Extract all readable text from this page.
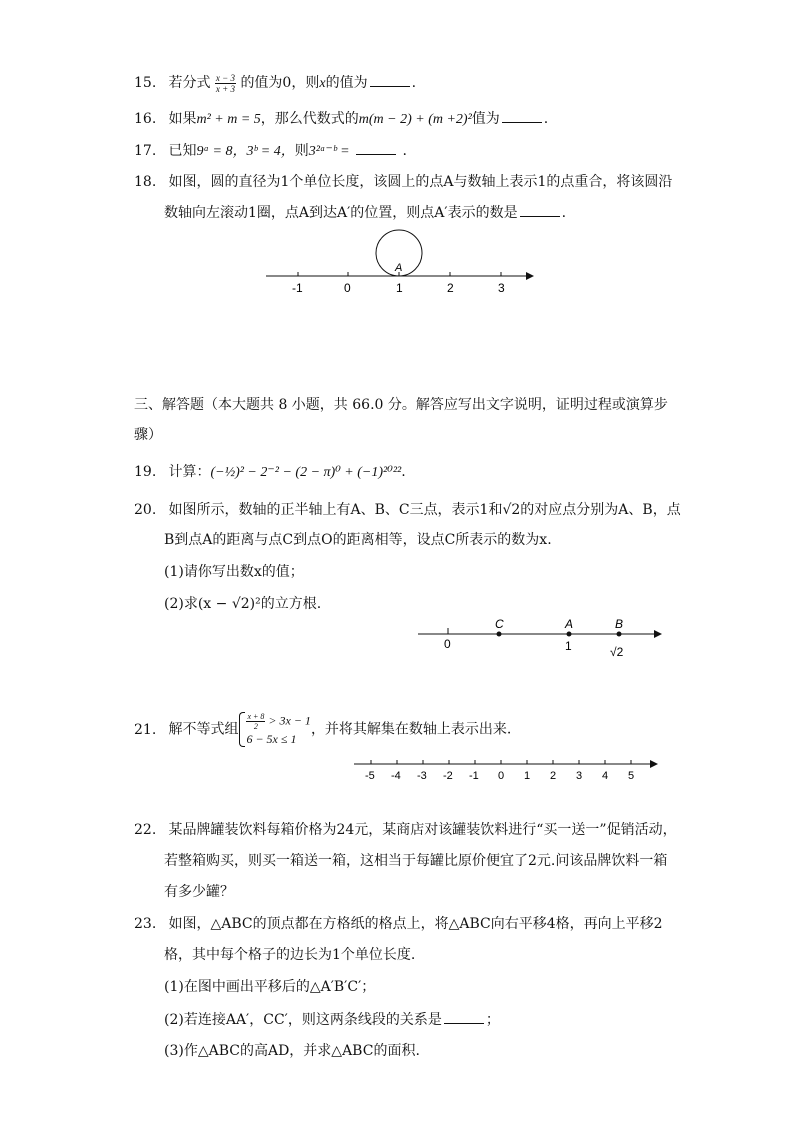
15. 若分式 $\frac{x - 3}{x + 3}$ 的值为0，则x的值为	.
16. 如果m² + m = 5，那么代数式的m(m − 2) + (m +2)²值为	.
17. 已知9ᵃ = 8，3ᵇ = 4，则3²ᵃ⁻ᵇ =	.
18. 如图，圆的直径为1个单位长度，该圆上的点A与数轴上表示1的点重合，将该圆沿
数轴向左滚动1圈，点A到达A′的位置，则点A′表示的数是	.
A
-1	0	1	2	3
三、解答题（本大题共 8 小题，共 66.0 分。解答应写出文字说明，证明过程或演算步
骤）
19. 计算：(−½)² − 2⁻² − (2 − π)⁰ + (−1)²⁰²².
20. 如图所示，数轴的正半轴上有A、B、C三点，表示1和√2的对应点分别为A、B，点
B到点A的距离与点C到点O的距离相等，设点C所表示的数为x.
(1)请你写出数x的值；
(2)求(x − √2)²的立方根.
C	A	B
0	1	√2
21. 解不等式组 $\frac{x + 8}{2} > 3x - 1$
6 − 5x ≤ 1
，并将其解集在数轴上表示出来.
-5 -4 -3 -2 -1 0 1 2 3 4 5
22. 某品牌罐装饮料每箱价格为24元，某商店对该罐装饮料进行“买一送一”促销活动，
若整箱购买，则买一箱送一箱，这相当于每罐比原价便宜了2元.问该品牌饮料一箱
有多少罐？
23. 如图，△ABC的顶点都在方格纸的格点上，将△ABC向右平移4格，再向上平移2
格，其中每个格子的边长为1个单位长度.
(1)在图中画出平移后的△A′B′C′；
(2)若连接AA′，CC′，则这两条线段的关系是	；
(3)作△ABC的高AD，并求△ABC的面积.
